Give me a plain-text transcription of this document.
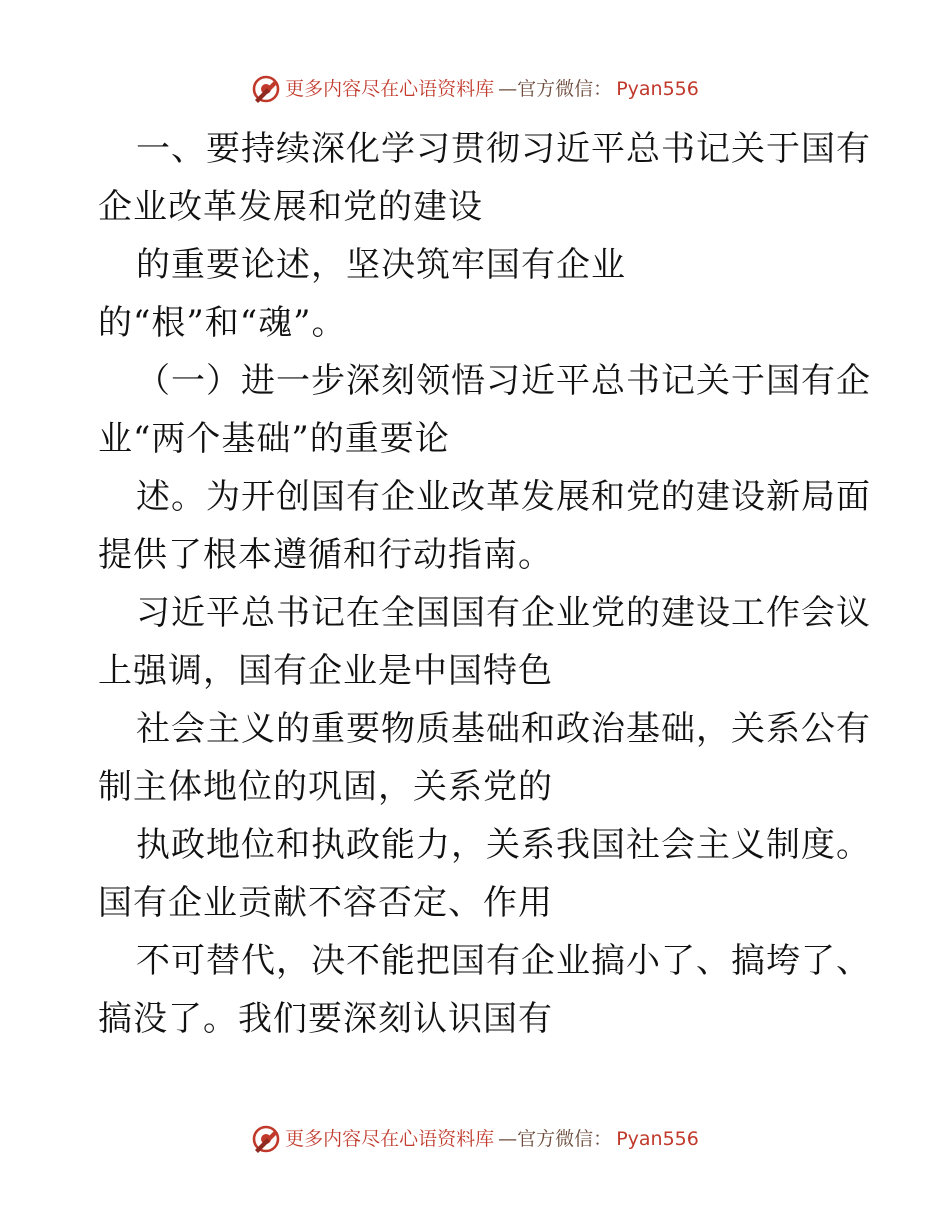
更多内容尽在心语资料库 —官方微信： Pyan556
一、要持续深化学习贯彻习近平总书记关于国有
企业改革发展和党的建设
的重要论述，坚决筑牢国有企业
的“根”和“魂”。
（一）进一步深刻领悟习近平总书记关于国有企
业“两个基础”的重要论
述。为开创国有企业改革发展和党的建设新局面
提供了根本遵循和行动指南。
习近平总书记在全国国有企业党的建设工作会议
上强调，国有企业是中国特色
社会主义的重要物质基础和政治基础，关系公有
制主体地位的巩固，关系党的
执政地位和执政能力，关系我国社会主义制度。
国有企业贡献不容否定、作用
不可替代，决不能把国有企业搞小了、搞垮了、
搞没了。我们要深刻认识国有
更多内容尽在心语资料库 —官方微信： Pyan556
